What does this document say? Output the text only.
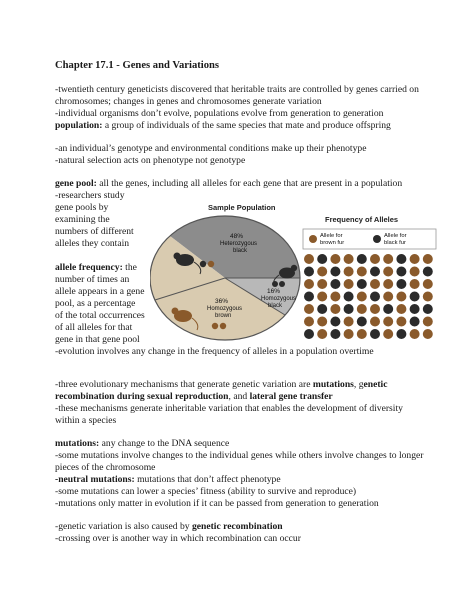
Chapter 17.1 - Genes and Variations
-twentieth century geneticists discovered that heritable traits are controlled by genes carried on
chromosomes; changes in genes and chromosomes generate variation
-individual organisms don’t evolve, populations evolve from generation to generation
population: a group of individuals of the same species that mate and produce offspring
-an individual’s genotype and environmental conditions make up their phenotype
-natural selection acts on phenotype not genotype
gene pool: all the genes, including all alleles for each gene that are present in a population
-researchers study
gene pools by
examining the
numbers of different
alleles they contain
allele frequency: the
number of times an
allele appears in a gene
pool, as a percentage
of the total occurrences
of all alleles for that
gene in that gene pool
-evolution involves any change in the frequency of alleles in a population overtime
Sample Population
Frequency of Alleles
48%
Heterozygous
black
16%
Homozygous
black
36%
Homozygous
brown
Allele for
brown fur
Allele for
black fur
-three evolutionary mechanisms that generate genetic variation are mutations, genetic
recombination during sexual reproduction, and lateral gene transfer
-these mechanisms generate inheritable variation that enables the development of diversity
within a species
mutations: any change to the DNA sequence
-some mutations involve changes to the individual genes while others involve changes to longer
pieces of the chromosome
-neutral mutations: mutations that don’t affect phenotype
-some mutations can lower a species’ fitness (ability to survive and reproduce)
-mutations only matter in evolution if it can be passed from generation to generation
-genetic variation is also caused by genetic recombination
-crossing over is another way in which recombination can occur
